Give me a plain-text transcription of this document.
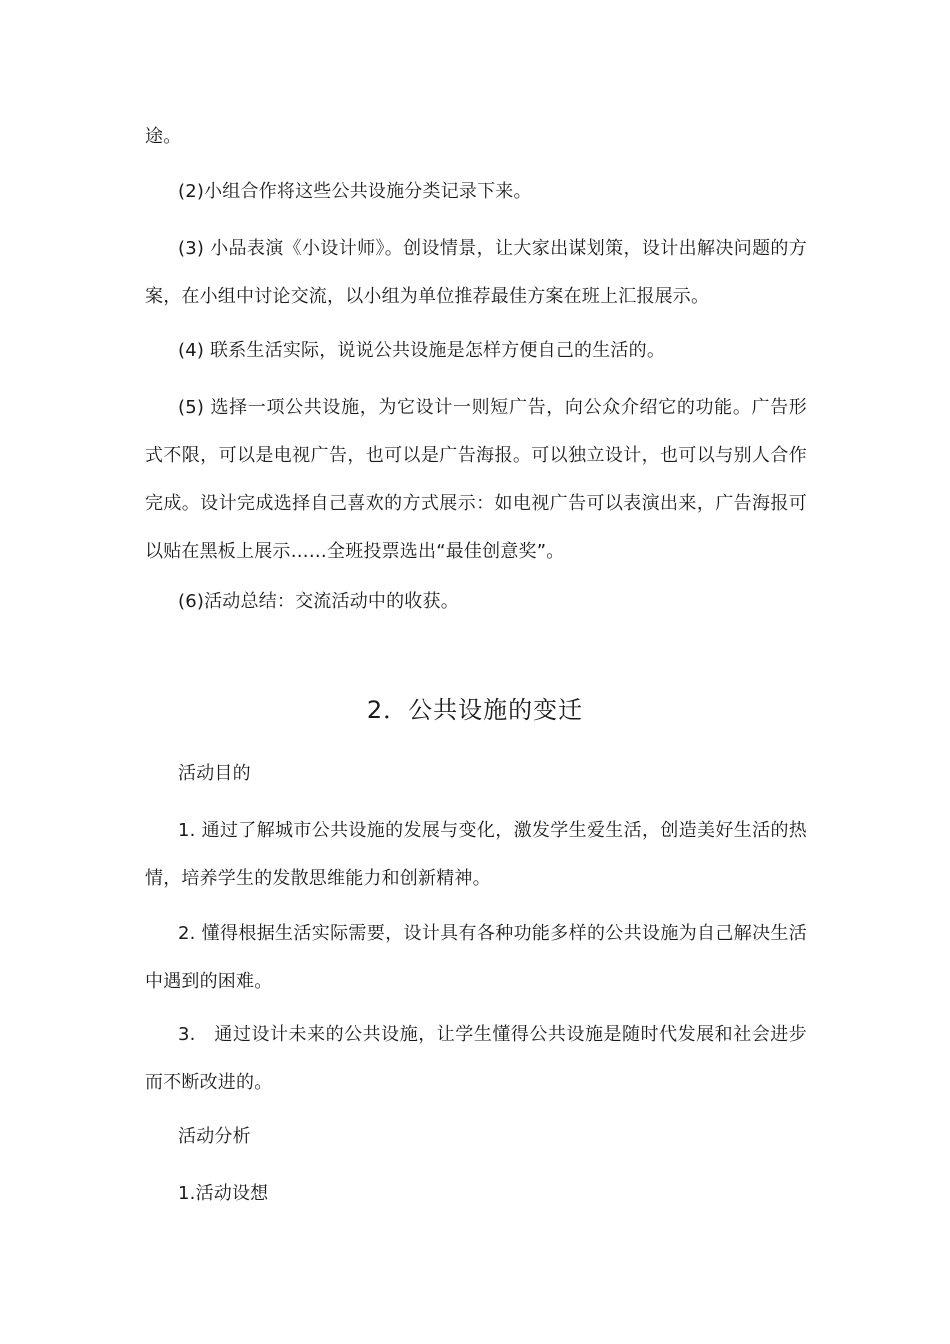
途。

(2)小组合作将这些公共设施分类记录下来。

(3) 小品表演《小设计师》。创设情景，让大家出谋划策，设计出解决问题的方案，在小组中讨论交流，以小组为单位推荐最佳方案在班上汇报展示。

(4) 联系生活实际，说说公共设施是怎样方便自己的生活的。

(5) 选择一项公共设施，为它设计一则短广告，向公众介绍它的功能。广告形式不限，可以是电视广告，也可以是广告海报。可以独立设计，也可以与别人合作完成。设计完成选择自己喜欢的方式展示：如电视广告可以表演出来，广告海报可以贴在黑板上展示……全班投票选出“最佳创意奖”。

(6)活动总结：交流活动中的收获。

2．公共设施的变迁

活动目的

1. 通过了解城市公共设施的发展与变化，激发学生爱生活，创造美好生活的热情，培养学生的发散思维能力和创新精神。

2. 懂得根据生活实际需要，设计具有各种功能多样的公共设施为自己解决生活中遇到的困难。

3.　通过设计未来的公共设施，让学生懂得公共设施是随时代发展和社会进步而不断改进的。

活动分析

1.活动设想
